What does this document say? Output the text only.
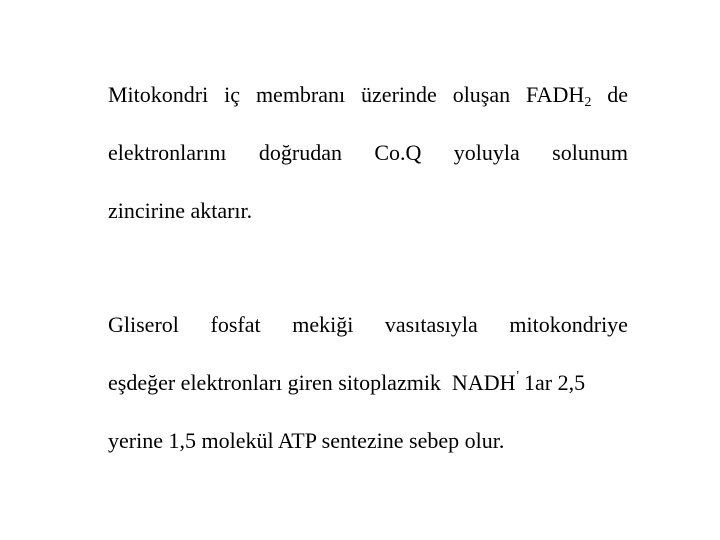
Mitokondri iç membranı üzerinde oluşan $FADH_2$ de
elektronlarını doğrudan Co.Q yoluyla solunum
zincirine aktarır.
Gliserol fosfat mekiği vasıtasıyla mitokondriye
eşdeğer elektronları giren sitoplazmik  NADH' 1ar 2,5
yerine 1,5 molekül ATP sentezine sebep olur.
